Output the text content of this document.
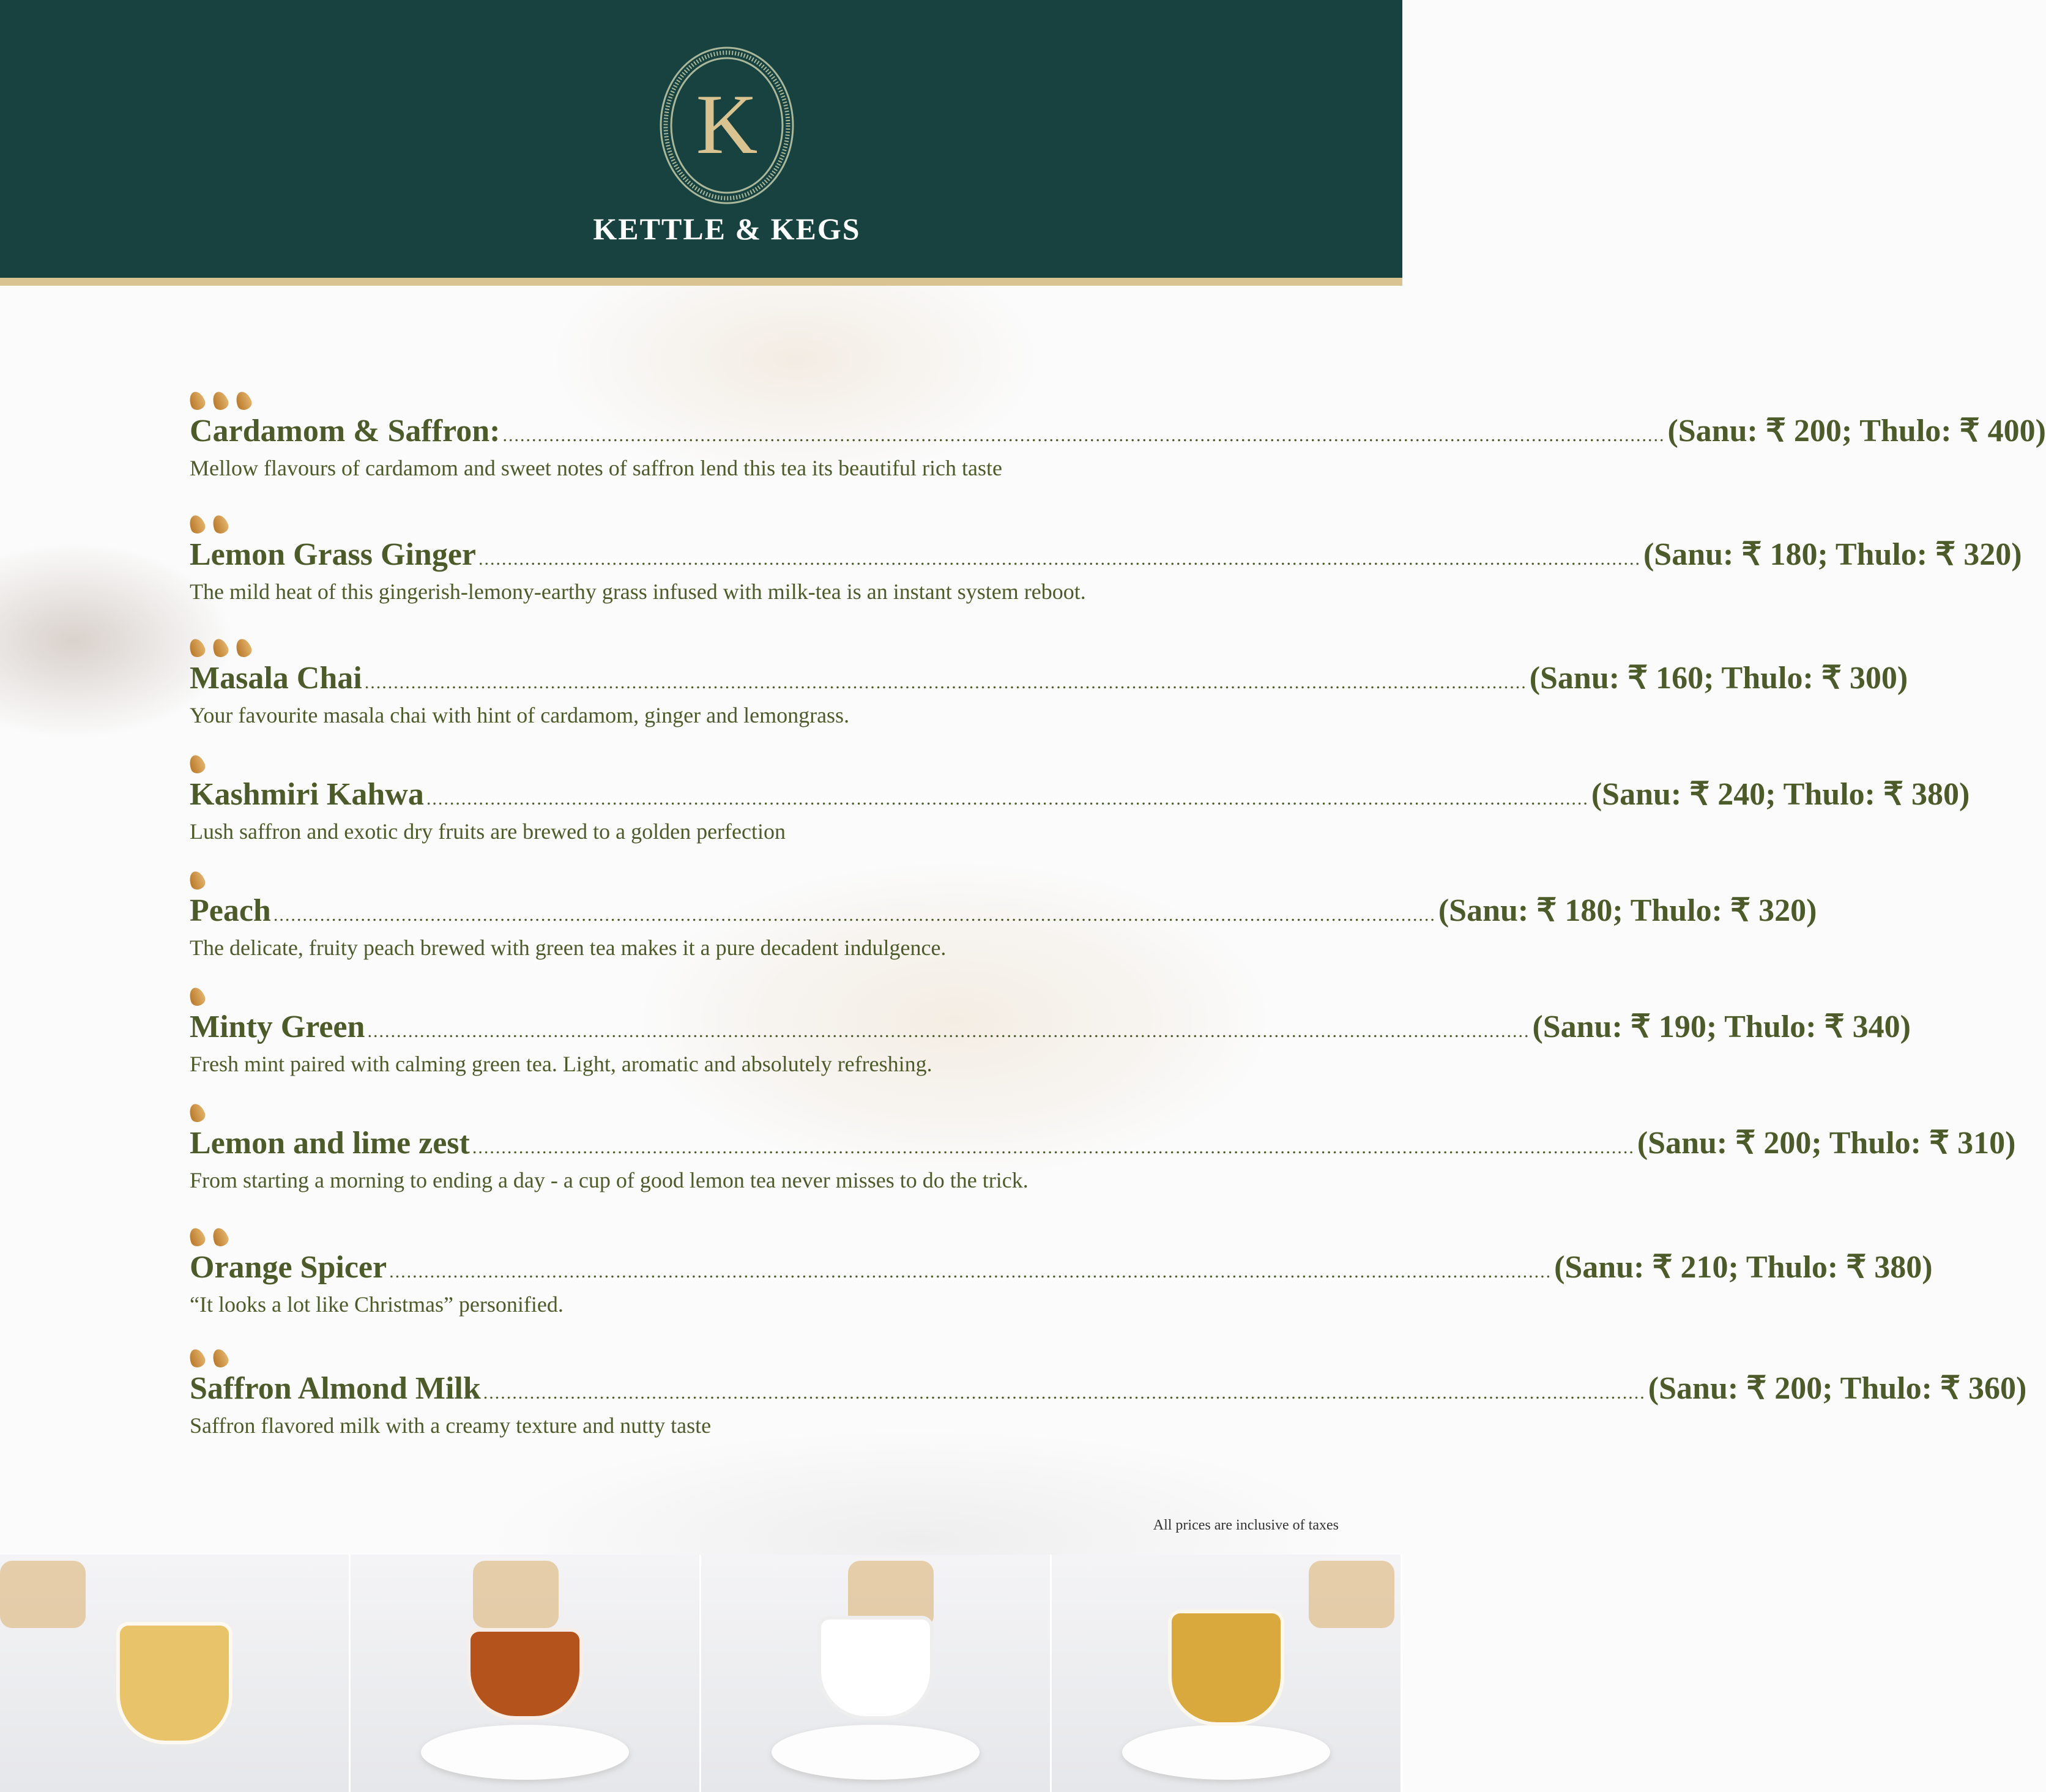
K
KETTLE & KEGS
Cardamom & Saffron: ........................................................................................................................................................................................................ (Sanu: ₹ 200; Thulo: ₹ 400)
Mellow flavours of cardamom and sweet notes of saffron lend this tea its beautiful rich taste
Lemon Grass Ginger ........................................................................................................................................................................................................ (Sanu: ₹ 180; Thulo: ₹ 320)
The mild heat of this gingerish-lemony-earthy grass infused with milk-tea is an instant system reboot.
Masala Chai ........................................................................................................................................................................................................ (Sanu: ₹ 160; Thulo: ₹ 300)
Your favourite masala chai with hint of cardamom, ginger and lemongrass.
Kashmiri Kahwa ........................................................................................................................................................................................................ (Sanu: ₹ 240; Thulo: ₹ 380)
Lush saffron and exotic dry fruits are brewed to a golden perfection
Peach ........................................................................................................................................................................................................ (Sanu: ₹ 180; Thulo: ₹ 320)
The delicate, fruity peach brewed with green tea makes it a pure decadent indulgence.
Minty Green ........................................................................................................................................................................................................ (Sanu: ₹ 190; Thulo: ₹ 340)
Fresh mint paired with calming green tea. Light, aromatic and absolutely refreshing.
Lemon and lime zest ........................................................................................................................................................................................................ (Sanu: ₹ 200; Thulo: ₹ 310)
From starting a morning to ending a day - a cup of good lemon tea never misses to do the trick.
Orange Spicer ........................................................................................................................................................................................................ (Sanu: ₹ 210; Thulo: ₹ 380)
“It looks a lot like Christmas” personified.
Saffron Almond Milk ........................................................................................................................................................................................................ (Sanu: ₹ 200; Thulo: ₹ 360)
Saffron flavored milk with a creamy texture and nutty taste
All prices are inclusive of taxes
